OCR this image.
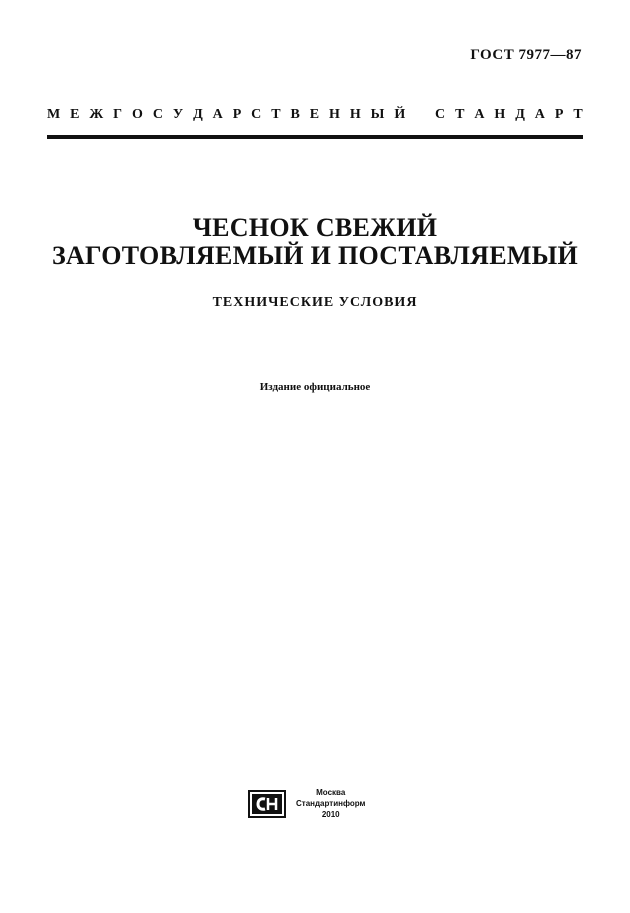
ГОСТ 7977—87
М Е Ж Г О С У Д А Р С Т В Е Н Н Ы Й С Т А Н Д А Р Т
ЧЕСНОК СВЕЖИЙ
ЗАГОТОВЛЯЕМЫЙ И ПОСТАВЛЯЕМЫЙ
ТЕХНИЧЕСКИЕ УСЛОВИЯ
Издание официальное
Москва
Стандартинформ
2010
